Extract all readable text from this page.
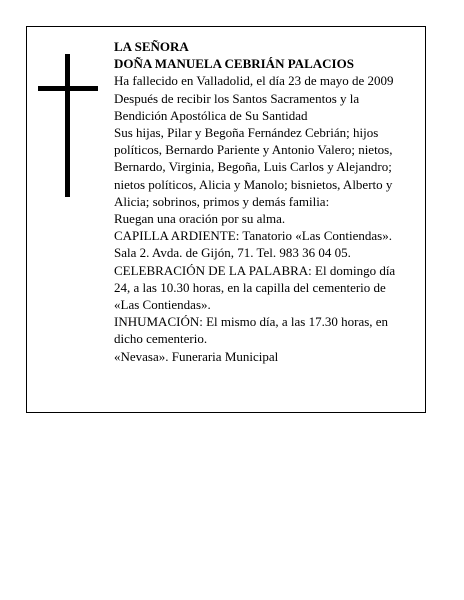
LA SEÑORA

DOÑA MANUELA CEBRIÁN PALACIOS

Ha fallecido en Valladolid, el día 23 de mayo de 2009

Después de recibir los Santos Sacramentos y la Bendición Apostólica de Su Santidad

Sus hijas, Pilar y Begoña Fernández Cebrián; hijos políticos, Bernardo Pariente y Antonio Valero; nietos, Bernardo, Virginia, Begoña, Luis Carlos y Alejandro; nietos políticos, Alicia y Manolo; bisnietos, Alberto y Alicia; sobrinos, primos y demás familia:

Ruegan una oración por su alma.

CAPILLA ARDIENTE: Tanatorio «Las Contiendas». Sala 2. Avda. de Gijón, 71. Tel. 983 36 04 05.

CELEBRACIÓN DE LA PALABRA: El domingo día 24, a las 10.30 horas, en la capilla del cementerio de «Las Contiendas».

INHUMACIÓN: El mismo día, a las 17.30 horas, en dicho cementerio.

«Nevasa». Funeraria Municipal
